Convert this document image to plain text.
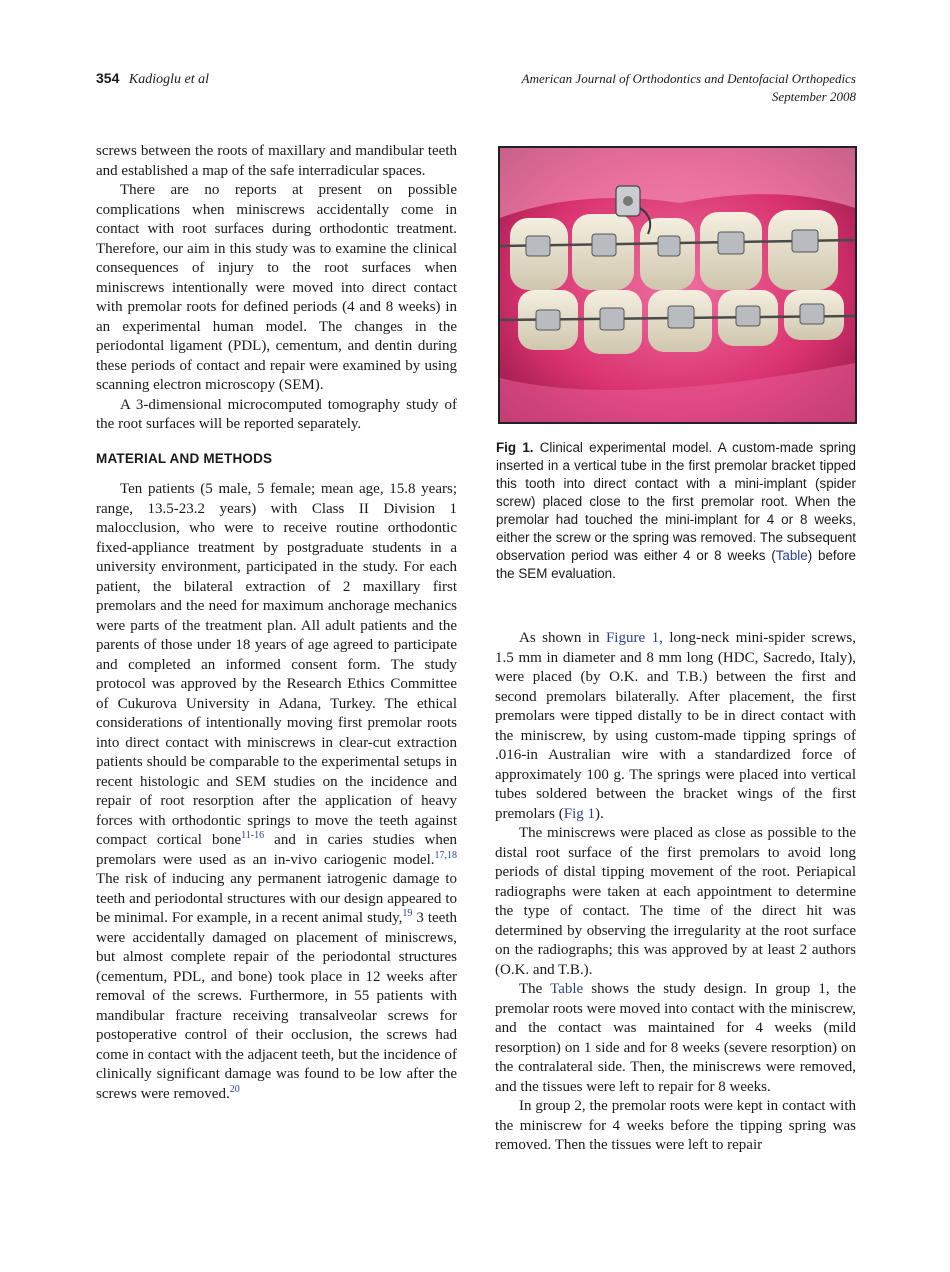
354 Kadioglu et al	American Journal of Orthodontics and Dentofacial Orthopedics
September 2008

screws between the roots of maxillary and mandibular teeth and established a map of the safe interradicular spaces.

There are no reports at present on possible complications when miniscrews accidentally come in contact with root surfaces during orthodontic treatment. Therefore, our aim in this study was to examine the clinical consequences of injury to the root surfaces when miniscrews intentionally were moved into direct contact with premolar roots for defined periods (4 and 8 weeks) in an experimental human model. The changes in the periodontal ligament (PDL), cementum, and dentin during these periods of contact and repair were examined by using scanning electron microscopy (SEM).

A 3-dimensional microcomputed tomography study of the root surfaces will be reported separately.

MATERIAL AND METHODS

Ten patients (5 male, 5 female; mean age, 15.8 years; range, 13.5-23.2 years) with Class II Division 1 malocclusion, who were to receive routine orthodontic fixed-appliance treatment by postgraduate students in a university environment, participated in the study. For each patient, the bilateral extraction of 2 maxillary first premolars and the need for maximum anchorage mechanics were parts of the treatment plan. All adult patients and the parents of those under 18 years of age agreed to participate and completed an informed consent form. The study protocol was approved by the Research Ethics Committee of Cukurova University in Adana, Turkey. The ethical considerations of intentionally moving first premolar roots into direct contact with miniscrews in clear-cut extraction patients should be comparable to the experimental setups in recent histologic and SEM studies on the incidence and repair of root resorption after the application of heavy forces with orthodontic springs to move the teeth against compact cortical bone$^{11-16}$ and in caries studies when premolars were used as an in-vivo cariogenic model.$^{17,18}$ The risk of inducing any permanent iatrogenic damage to teeth and periodontal structures with our design appeared to be minimal. For example, in a recent animal study,$^{19}$ 3 teeth were accidentally damaged on placement of miniscrews, but almost complete repair of the periodontal structures (cementum, PDL, and bone) took place in 12 weeks after removal of the screws. Furthermore, in 55 patients with mandibular fracture receiving transalveolar screws for postoperative control of their occlusion, the screws had come in contact with the adjacent teeth, but the incidence of clinically significant damage was found to be low after the screws were removed.$^{20}$

Fig 1. Clinical experimental model. A custom-made spring inserted in a vertical tube in the first premolar bracket tipped this tooth into direct contact with a mini-implant (spider screw) placed close to the first premolar root. When the premolar had touched the mini-implant for 4 or 8 weeks, either the screw or the spring was removed. The subsequent observation period was either 4 or 8 weeks (Table) before the SEM evaluation.

As shown in Figure 1, long-neck mini-spider screws, 1.5 mm in diameter and 8 mm long (HDC, Sacredo, Italy), were placed (by O.K. and T.B.) between the first and second premolars bilaterally. After placement, the first premolars were tipped distally to be in direct contact with the miniscrew, by using custom-made tipping springs of .016-in Australian wire with a standardized force of approximately 100 g. The springs were placed into vertical tubes soldered between the bracket wings of the first premolars (Fig 1).

The miniscrews were placed as close as possible to the distal root surface of the first premolars to avoid long periods of distal tipping movement of the root. Periapical radiographs were taken at each appointment to determine the type of contact. The time of the direct hit was determined by observing the irregularity at the root surface on the radiographs; this was approved by at least 2 authors (O.K. and T.B.).

The Table shows the study design. In group 1, the premolar roots were moved into contact with the miniscrew, and the contact was maintained for 4 weeks (mild resorption) on 1 side and for 8 weeks (severe resorption) on the contralateral side. Then, the miniscrews were removed, and the tissues were left to repair for 8 weeks.

In group 2, the premolar roots were kept in contact with the miniscrew for 4 weeks before the tipping spring was removed. Then the tissues were left to repair
